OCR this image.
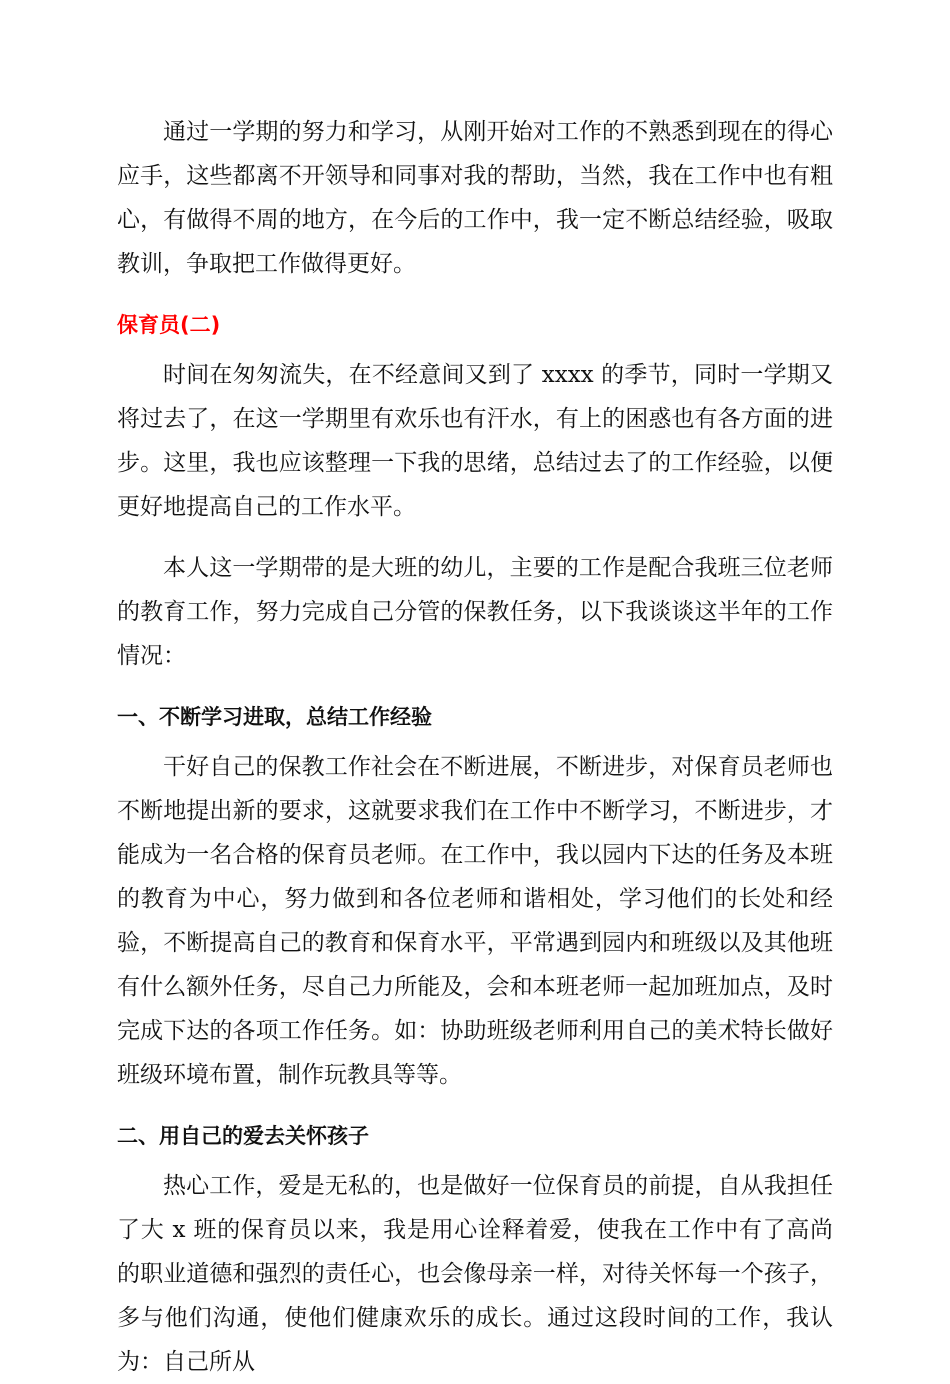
通过一学期的努力和学习，从刚开始对工作的不熟悉到现在的得心应手，这些都离不开领导和同事对我的帮助，当然，我在工作中也有粗心，有做得不周的地方，在今后的工作中，我一定不断总结经验，吸取教训，争取把工作做得更好。

保育员(二)

时间在匆匆流失，在不经意间又到了 xxxx 的季节，同时一学期又将过去了，在这一学期里有欢乐也有汗水，有上的困惑也有各方面的进步。这里，我也应该整理一下我的思绪，总结过去了的工作经验，以便更好地提高自己的工作水平。

本人这一学期带的是大班的幼儿，主要的工作是配合我班三位老师的教育工作，努力完成自己分管的保教任务，以下我谈谈这半年的工作情况：

一、不断学习进取，总结工作经验

干好自己的保教工作社会在不断进展，不断进步，对保育员老师也不断地提出新的要求，这就要求我们在工作中不断学习，不断进步，才能成为一名合格的保育员老师。在工作中，我以园内下达的任务及本班的教育为中心，努力做到和各位老师和谐相处，学习他们的长处和经验，不断提高自己的教育和保育水平，平常遇到园内和班级以及其他班有什么额外任务，尽自己力所能及，会和本班老师一起加班加点，及时完成下达的各项工作任务。如：协助班级老师利用自己的美术特长做好班级环境布置，制作玩教具等等。

二、用自己的爱去关怀孩子

热心工作，爱是无私的，也是做好一位保育员的前提，自从我担任了大 x 班的保育员以来，我是用心诠释着爱，使我在工作中有了高尚的职业道德和强烈的责任心，也会像母亲一样，对待关怀每一个孩子，多与他们沟通，使他们健康欢乐的成长。通过这段时间的工作，我认为：自己所从
